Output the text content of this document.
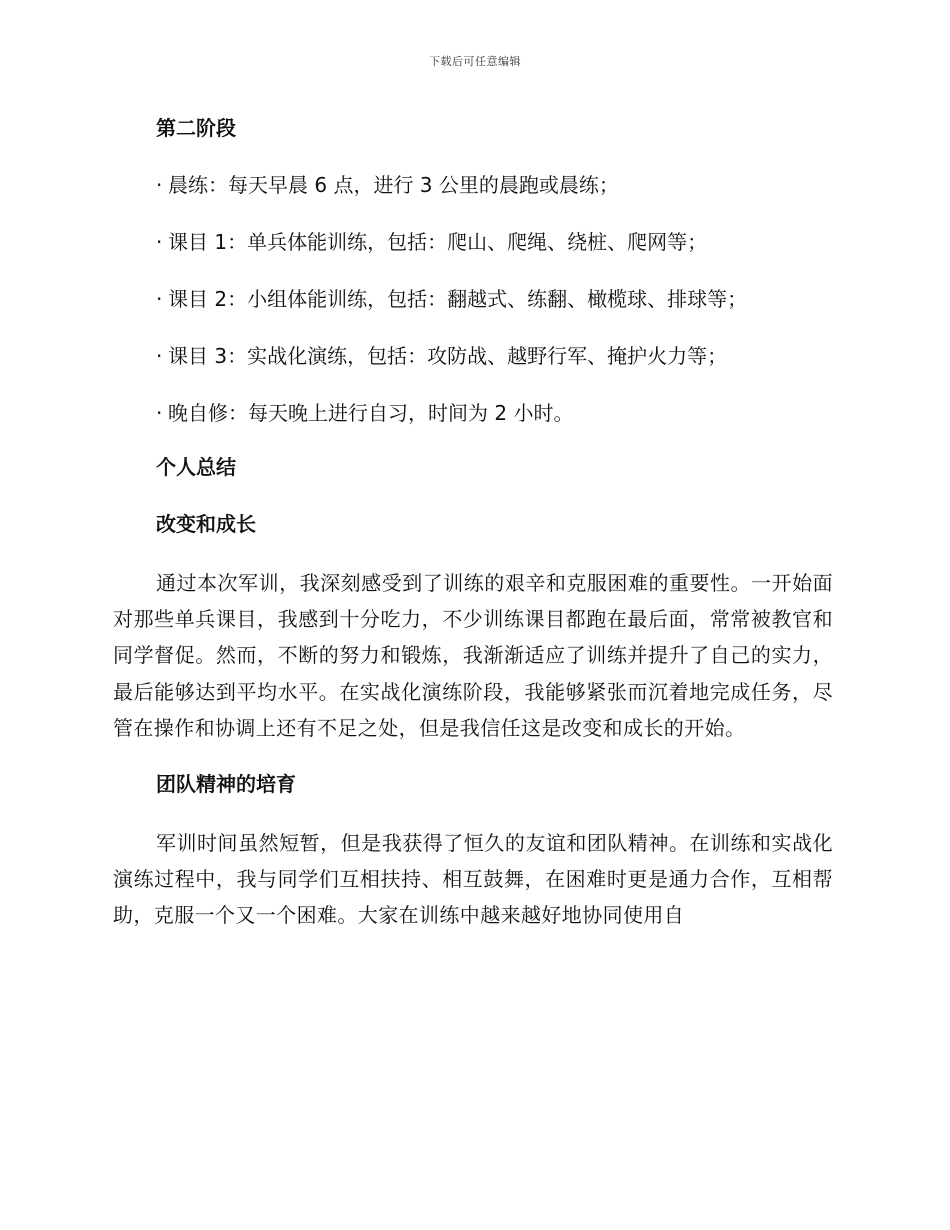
下载后可任意编辑
第二阶段
· 晨练：每天早晨 6 点，进行 3 公里的晨跑或晨练；
· 课目 1：单兵体能训练，包括：爬山、爬绳、绕桩、爬网等；
· 课目 2：小组体能训练，包括：翻越式、练翻、橄榄球、排球等；
· 课目 3：实战化演练，包括：攻防战、越野行军、掩护火力等；
· 晚自修：每天晚上进行自习，时间为 2 小时。
个人总结
改变和成长

通过本次军训，我深刻感受到了训练的艰辛和克服困难的重要性。一开始面对那些单兵课目，我感到十分吃力，不少训练课目都跑在最后面，常常被教官和同学督促。然而，不断的努力和锻炼，我渐渐适应了训练并提升了自己的实力，最后能够达到平均水平。在实战化演练阶段，我能够紧张而沉着地完成任务，尽管在操作和协调上还有不足之处，但是我信任这是改变和成长的开始。

团队精神的培育

军训时间虽然短暂，但是我获得了恒久的友谊和团队精神。在训练和实战化演练过程中，我与同学们互相扶持、相互鼓舞，在困难时更是通力合作，互相帮助，克服一个又一个困难。大家在训练中越来越好地协同使用自
